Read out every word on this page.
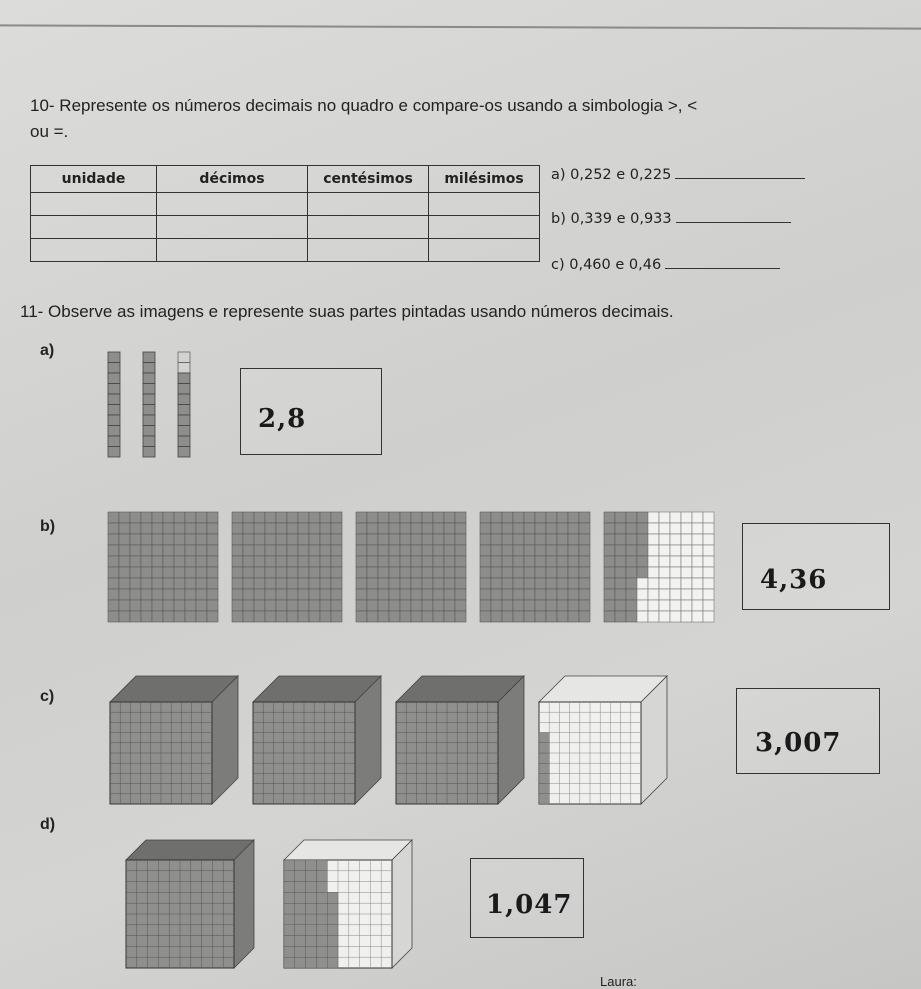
10- Represente os números decimais no quadro e compare-os usando a simbologia >, <
ou =.
unidade	décimos	centésimos	milésimos

			a) 0,252 e 0,225
b) 0,339 e 0,933
c) 0,460 e 0,46
11- Observe as imagens e represente suas partes pintadas usando números decimais.
a)
2,8
b)
4,36
c)
3,007
d)
1,047
Laura:
